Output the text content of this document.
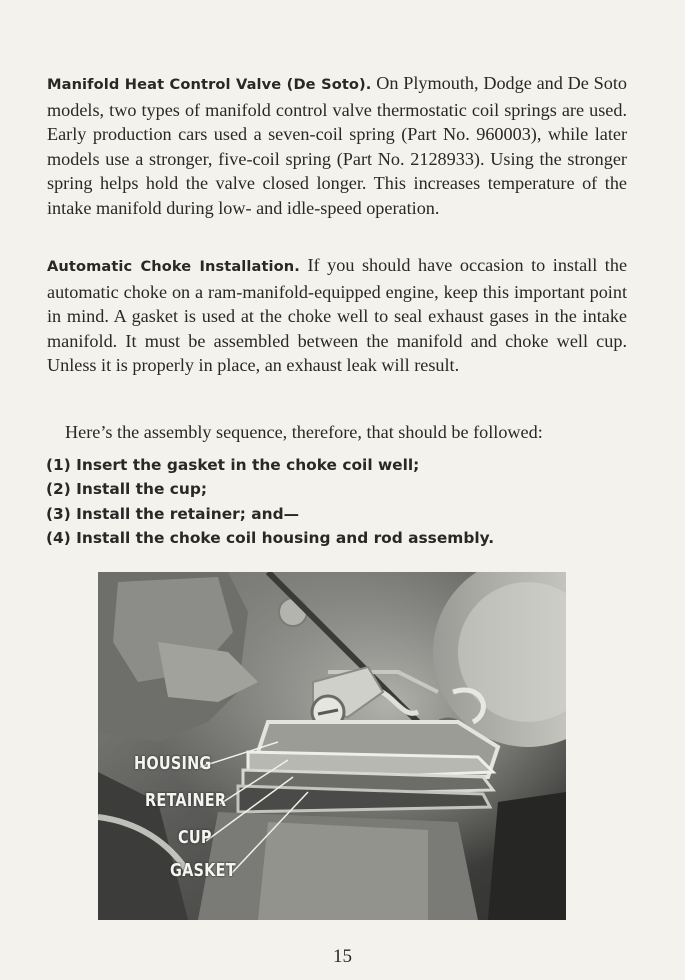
Manifold Heat Control Valve (De Soto). On Plymouth, Dodge and De Soto models, two types of manifold control valve thermostatic coil springs are used. Early production cars used a seven-coil spring (Part No. 960003), while later models use a stronger, five-coil spring (Part No. 2128933). Using the stronger spring helps hold the valve closed longer. This increases temperature of the intake manifold during low- and idle-speed operation.
Automatic Choke Installation. If you should have occasion to install the automatic choke on a ram-manifold-equipped engine, keep this important point in mind. A gasket is used at the choke well to seal exhaust gases in the intake manifold. It must be assembled between the manifold and choke well cup. Unless it is properly in place, an exhaust leak will result.
Here’s the assembly sequence, therefore, that should be followed:
(1) Insert the gasket in the choke coil well;
(2) Install the cup;
(3) Install the retainer; and—
(4) Install the choke coil housing and rod assembly.
HOUSING
RETAINER
CUP
GASKET
15
